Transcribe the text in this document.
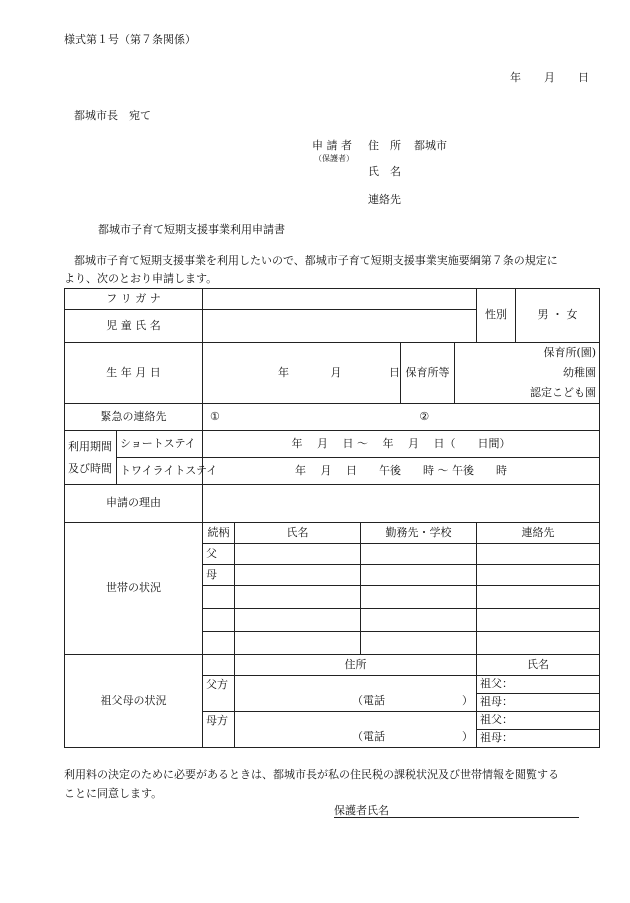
様式第１号（第７条関係）
年 月 日
都城市長　宛て
申 請 者
（保護者）
住　所 都城市
氏　名
連絡先
都城市子育て短期支援事業利用申請書
都城市子育て短期支援事業を利用したいので、都城市子育て短期支援事業実施要綱第７条の規定に
より、次のとおり申請します。
フ リ ガ ナ							性別	男 ・ 女
児 童 氏 名								
生 年 月 日		年 月 日			保育所等	保育所(園)
幼稚園
認定こども園		

緊急の連絡先		① ②						

利用期間
及び時間	ショートステイ	年　 月　 日 ～　 年　 月　 日（　　日間）						
	トワイライトステイ	年　 月　 日　　午後　　時 ～ 午後　　時						
申請の理由								
世帯の状況		続柄	氏名	勤務先・学校			連絡先	
		父						
		母						

祖父母の状況			住所				氏名	
		父方	（電話　　　　　　　）				祖父：	
							祖母：	
		母方	（電話　　　　　　　）				祖父：	
							祖母：	
利用料の決定のために必要があるときは、都城市長が私の住民税の課税状況及び世帯情報を閲覧する
ことに同意します。
保護者氏名
